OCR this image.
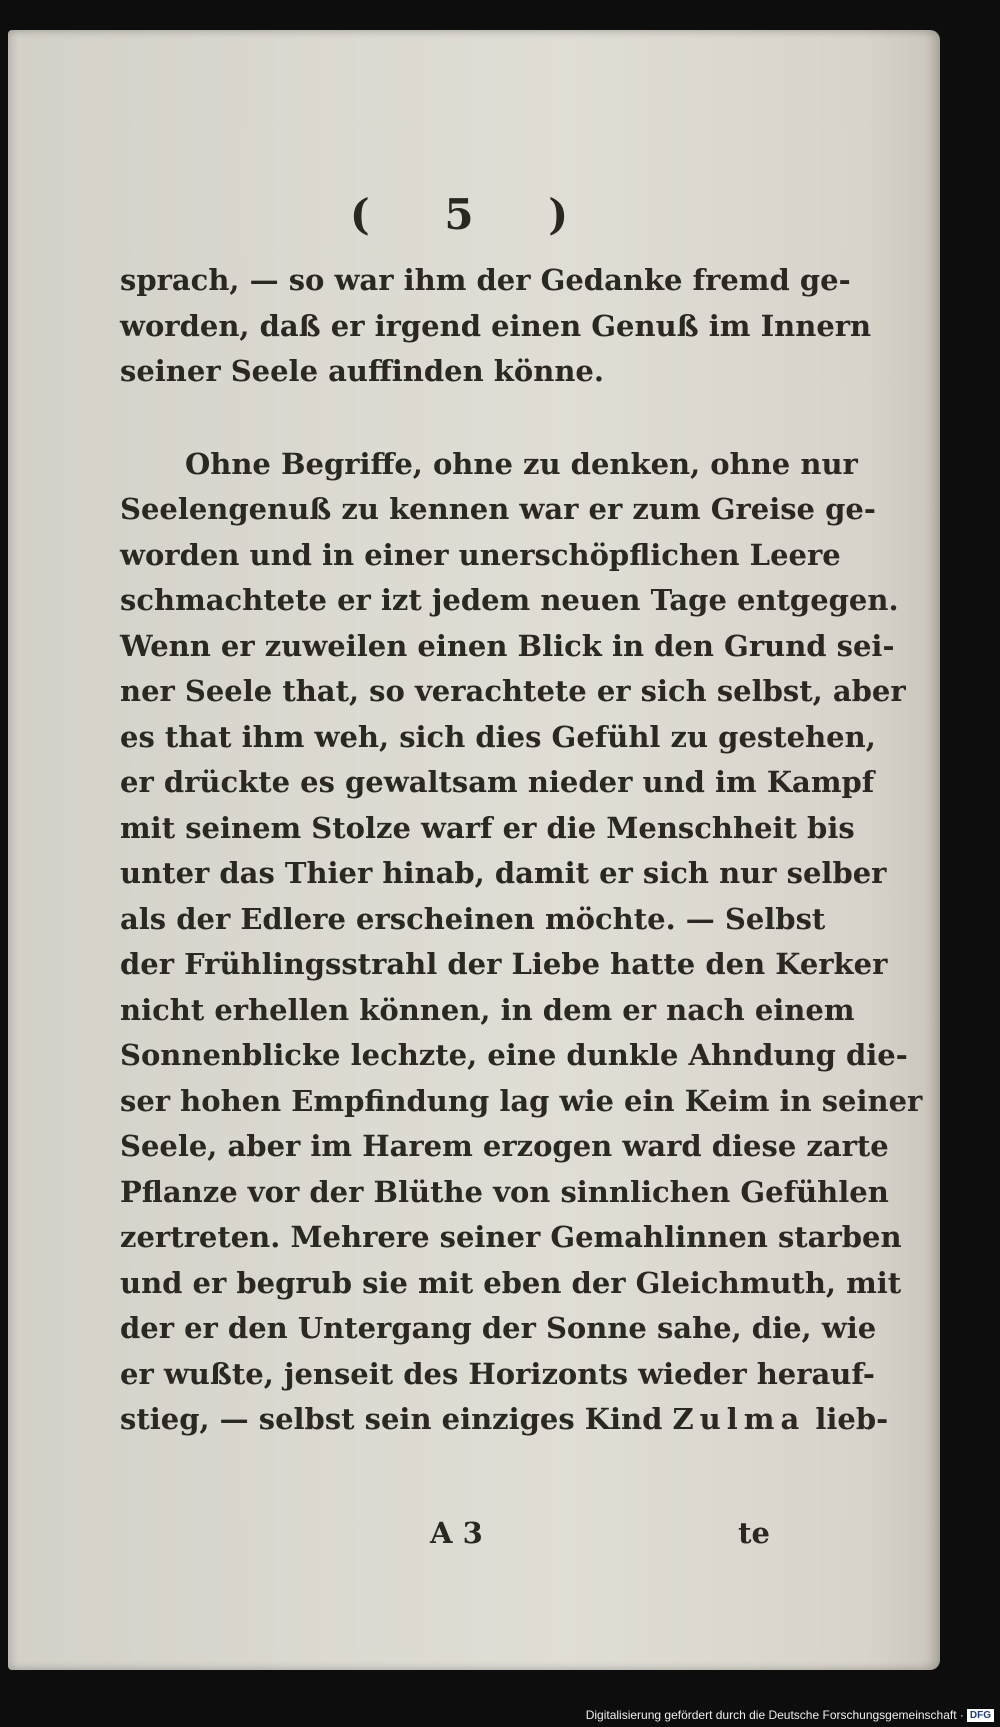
( 5 )
sprach, — so war ihm der Gedanke fremd ge-
worden, daß er irgend einen Genuß im Innern
seiner Seele auffinden könne.
Ohne Begriffe, ohne zu denken, ohne nur
Seelengenuß zu kennen war er zum Greise ge-
worden und in einer unerschöpflichen Leere
schmachtete er izt jedem neuen Tage entgegen.
Wenn er zuweilen einen Blick in den Grund sei-
ner Seele that, so verachtete er sich selbst, aber
es that ihm weh, sich dies Gefühl zu gestehen,
er drückte es gewaltsam nieder und im Kampf
mit seinem Stolze warf er die Menschheit bis
unter das Thier hinab, damit er sich nur selber
als der Edlere erscheinen möchte. — Selbst
der Frühlingsstrahl der Liebe hatte den Kerker
nicht erhellen können, in dem er nach einem
Sonnenblicke lechzte, eine dunkle Ahndung die-
ser hohen Empfindung lag wie ein Keim in seiner
Seele, aber im Harem erzogen ward diese zarte
Pflanze vor der Blüthe von sinnlichen Gefühlen
zertreten. Mehrere seiner Gemahlinnen starben
und er begrub sie mit eben der Gleichmuth, mit
der er den Untergang der Sonne sahe, die, wie
er wußte, jenseit des Horizonts wieder herauf-
stieg, — selbst sein einziges Kind Zulma lieb-
A 3	te
Digitalisierung gefördert durch die Deutsche Forschungsgemeinschaft · DFG
